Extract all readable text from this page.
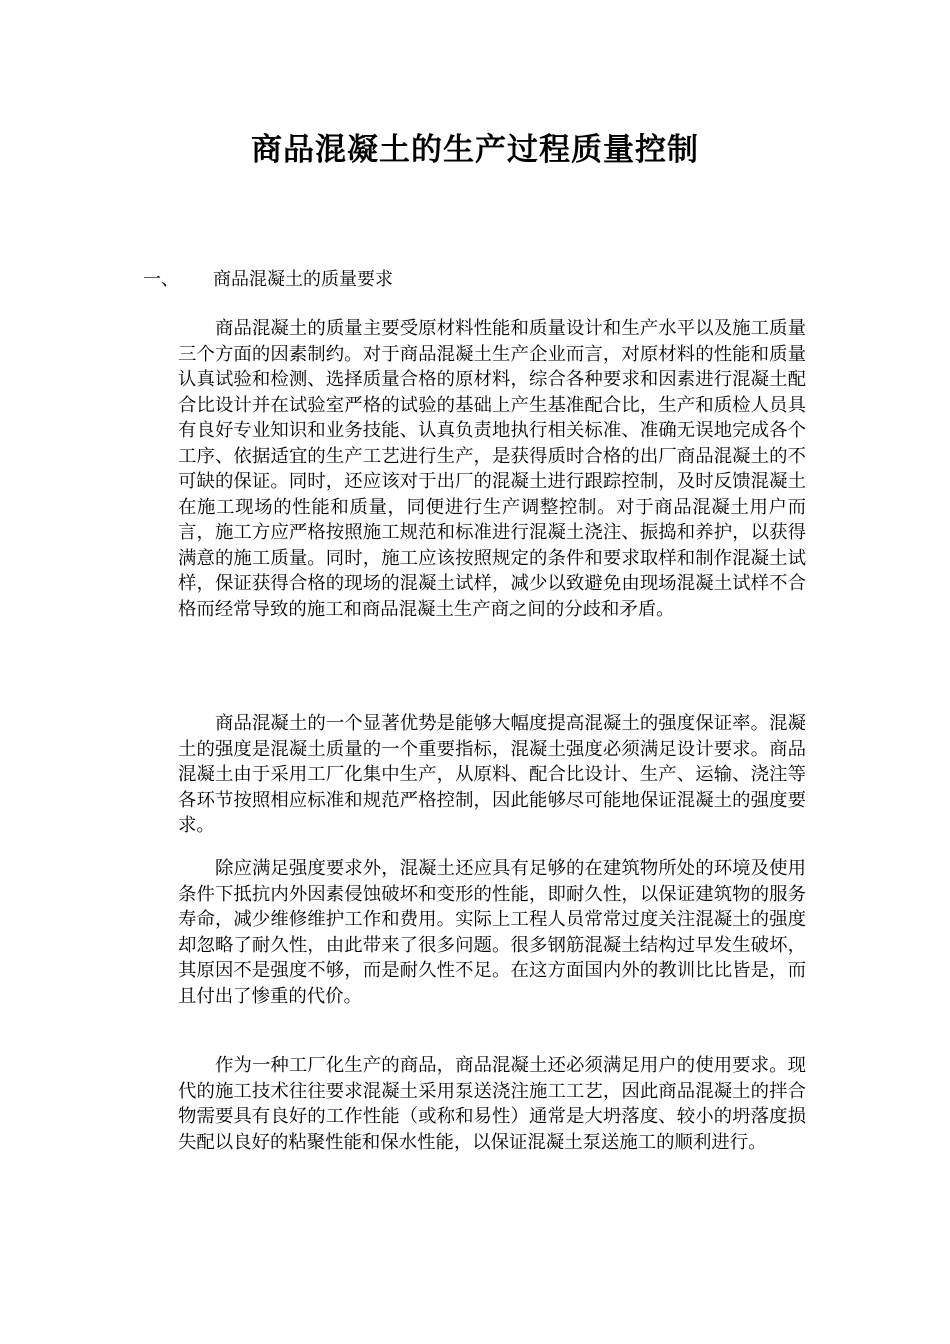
商品混凝土的生产过程质量控制
一、 商品混凝土的质量要求

商品混凝土的质量主要受原材料性能和质量设计和生产水平以及施工质量三个方面的因素制约。对于商品混凝土生产企业而言，对原材料的性能和质量认真试验和检测、选择质量合格的原材料，综合各种要求和因素进行混凝土配合比设计并在试验室严格的试验的基础上产生基准配合比，生产和质检人员具有良好专业知识和业务技能、认真负责地执行相关标准、准确无误地完成各个工序、依据适宜的生产工艺进行生产，是获得质时合格的出厂商品混凝土的不可缺的保证。同时，还应该对于出厂的混凝土进行跟踪控制，及时反馈混凝土在施工现场的性能和质量，同便进行生产调整控制。对于商品混凝土用户而言，施工方应严格按照施工规范和标准进行混凝土浇注、振捣和养护，以获得满意的施工质量。同时，施工应该按照规定的条件和要求取样和制作混凝土试样，保证获得合格的现场的混凝土试样，减少以致避免由现场混凝土试样不合格而经常导致的施工和商品混凝土生产商之间的分歧和矛盾。

商品混凝土的一个显著优势是能够大幅度提高混凝土的强度保证率。混凝土的强度是混凝土质量的一个重要指标，混凝土强度必须满足设计要求。商品混凝土由于采用工厂化集中生产，从原料、配合比设计、生产、运输、浇注等各环节按照相应标准和规范严格控制，因此能够尽可能地保证混凝土的强度要求。

除应满足强度要求外，混凝土还应具有足够的在建筑物所处的环境及使用条件下抵抗内外因素侵蚀破坏和变形的性能，即耐久性，以保证建筑物的服务寿命，减少维修维护工作和费用。实际上工程人员常常过度关注混凝土的强度却忽略了耐久性，由此带来了很多问题。很多钢筋混凝土结构过早发生破坏，其原因不是强度不够，而是耐久性不足。在这方面国内外的教训比比皆是，而且付出了惨重的代价。

作为一种工厂化生产的商品，商品混凝土还必须满足用户的使用要求。现代的施工技术往往要求混凝土采用泵送浇注施工工艺，因此商品混凝土的拌合物需要具有良好的工作性能（或称和易性）通常是大坍落度、较小的坍落度损失配以良好的粘聚性能和保水性能，以保证混凝土泵送施工的顺利进行。
